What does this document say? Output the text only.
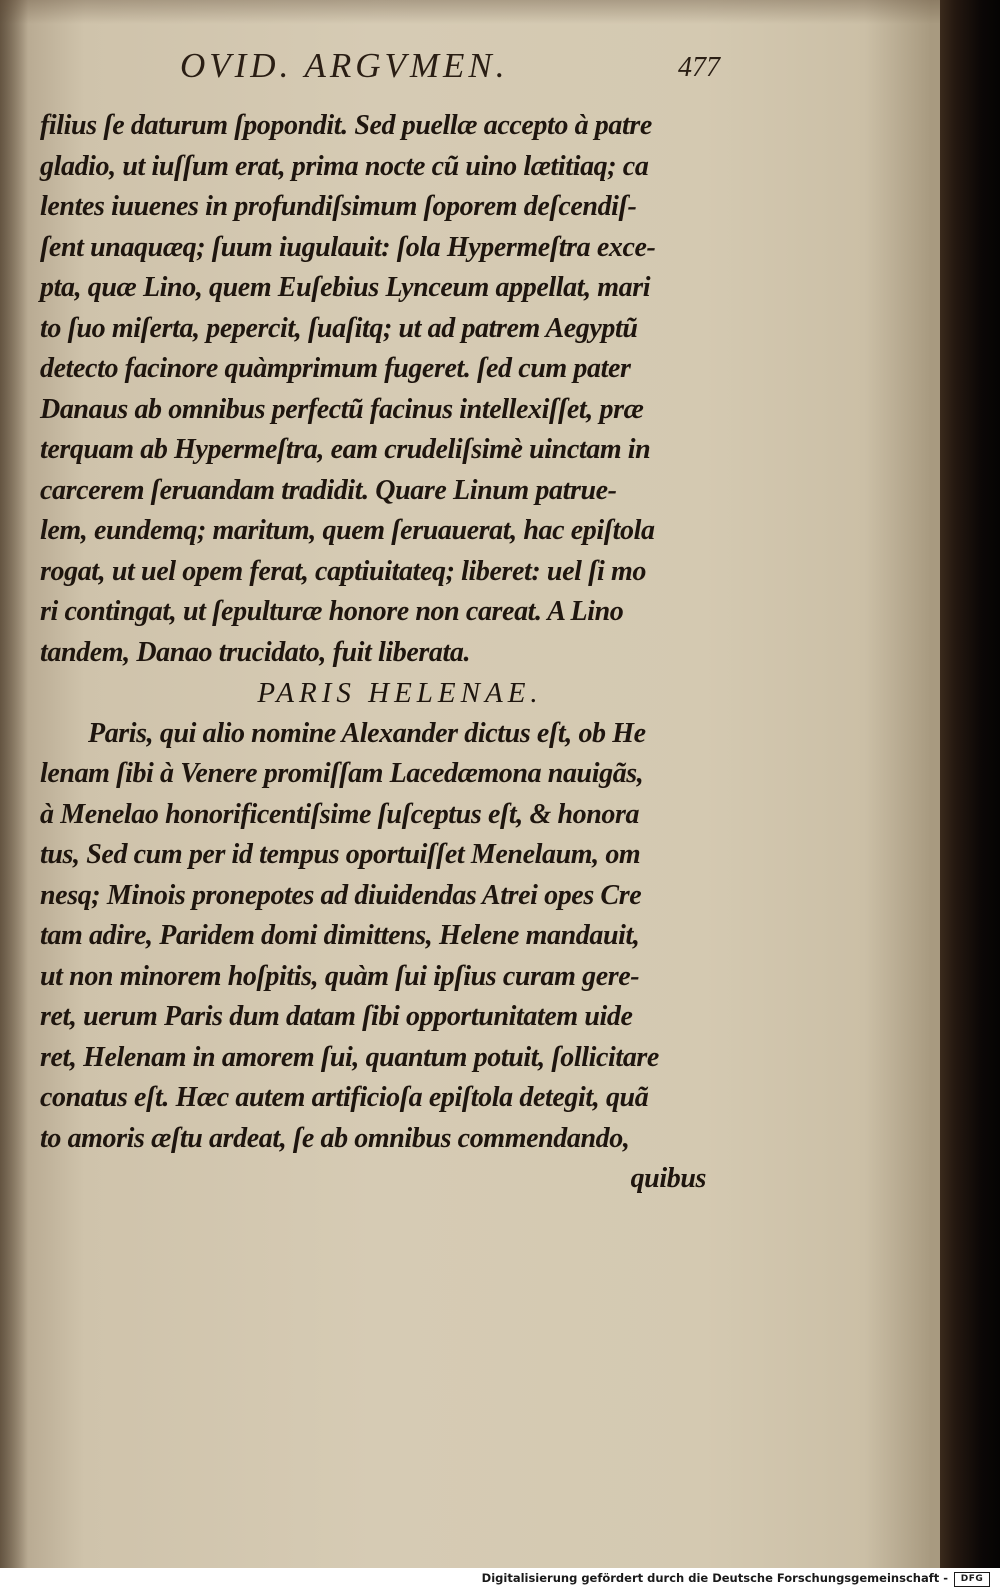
OVID. ARGVMEN.	477
filius ſe daturum ſpopondit. Sed puellæ accepto à patre
gladio, ut iuſſum erat, prima nocte cũ uino lætitiaq; ca
lentes iuuenes in profundiſsimum ſoporem deſcendiſ-
ſent unaquæq; ſuum iugulauit: ſola Hypermeſtra exce-
pta, quæ Lino, quem Euſebius Lynceum appellat, mari
to ſuo miſerta, pepercit, ſuaſitq; ut ad patrem Aegyptũ
detecto facinore quàmprimum fugeret. ſed cum pater
Danaus ab omnibus perfectũ facinus intellexiſſet, præ
terquam ab Hypermeſtra, eam crudeliſsimè uinctam in
carcerem ſeruandam tradidit. Quare Linum patrue-
lem, eundemq; maritum, quem ſeruauerat, hac epiſtola
rogat, ut uel opem ferat, captiuitateq; liberet: uel ſi mo
ri contingat, ut ſepulturæ honore non careat. A Lino
tandem, Danao trucidato, fuit liberata.
PARIS HELENAE.
Paris, qui alio nomine Alexander dictus eſt, ob He
lenam ſibi à Venere promiſſam Lacedæmona nauigãs,
à Menelao honorificentiſsime ſuſceptus eſt, & honora
tus, Sed cum per id tempus oportuiſſet Menelaum, om
nesq; Minois pronepotes ad diuidendas Atrei opes Cre
tam adire, Paridem domi dimittens, Helene mandauit,
ut non minorem hoſpitis, quàm ſui ipſius curam gere-
ret, uerum Paris dum datam ſibi opportunitatem uide
ret, Helenam in amorem ſui, quantum potuit, ſollicitare
conatus eſt. Hæc autem artificioſa epiſtola detegit, quã
to amoris æſtu ardeat, ſe ab omnibus commendando,
quibus
Digitalisierung gefördert durch die Deutsche Forschungsgemeinschaft -	DFG
